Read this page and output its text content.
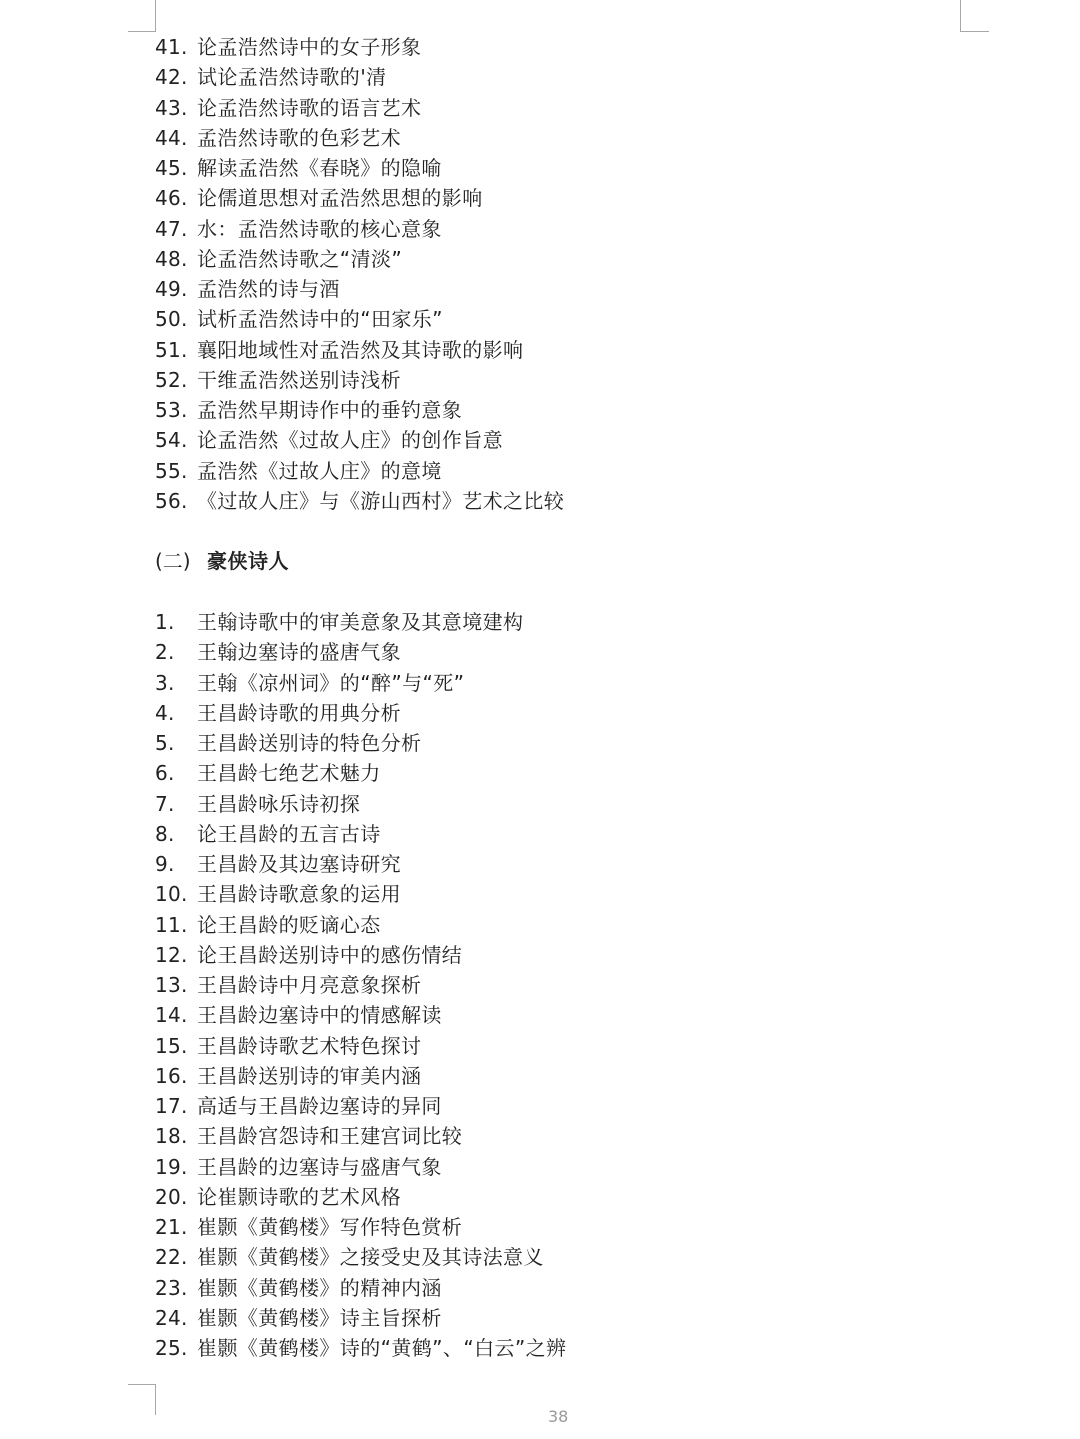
41. 论孟浩然诗中的女子形象
42. 试论孟浩然诗歌的'清
43. 论孟浩然诗歌的语言艺术
44. 孟浩然诗歌的色彩艺术
45. 解读孟浩然《春晓》的隐喻
46. 论儒道思想对孟浩然思想的影响
47. 水：孟浩然诗歌的核心意象
48. 论孟浩然诗歌之“清淡”
49. 孟浩然的诗与酒
50. 试析孟浩然诗中的“田家乐”
51. 襄阳地域性对孟浩然及其诗歌的影响
52. 干维孟浩然送别诗浅析
53. 孟浩然早期诗作中的垂钓意象
54. 论孟浩然《过故人庄》的创作旨意
55. 孟浩然《过故人庄》的意境
56. 《过故人庄》与《游山西村》艺术之比较
(二) 豪侠诗人
1.	王翰诗歌中的审美意象及其意境建构
2.	王翰边塞诗的盛唐气象
3.	王翰《凉州词》的“醉”与“死”
4.	王昌龄诗歌的用典分析
5.	王昌龄送别诗的特色分析
6.	王昌龄七绝艺术魅力
7.	王昌龄咏乐诗初探
8.	论王昌龄的五言古诗
9.	王昌龄及其边塞诗研究
10. 王昌龄诗歌意象的运用
11. 论王昌龄的贬谪心态
12. 论王昌龄送别诗中的感伤情结
13. 王昌龄诗中月亮意象探析
14. 王昌龄边塞诗中的情感解读
15. 王昌龄诗歌艺术特色探讨
16. 王昌龄送别诗的审美内涵
17. 高适与王昌龄边塞诗的异同
18. 王昌龄宫怨诗和王建宫词比较
19. 王昌龄的边塞诗与盛唐气象
20. 论崔颢诗歌的艺术风格
21. 崔颢《黄鹤楼》写作特色赏析
22. 崔颢《黄鹤楼》之接受史及其诗法意义
23. 崔颢《黄鹤楼》的精神内涵
24. 崔颢《黄鹤楼》诗主旨探析
25. 崔颢《黄鹤楼》诗的“黄鹤”、“白云”之辨
38
